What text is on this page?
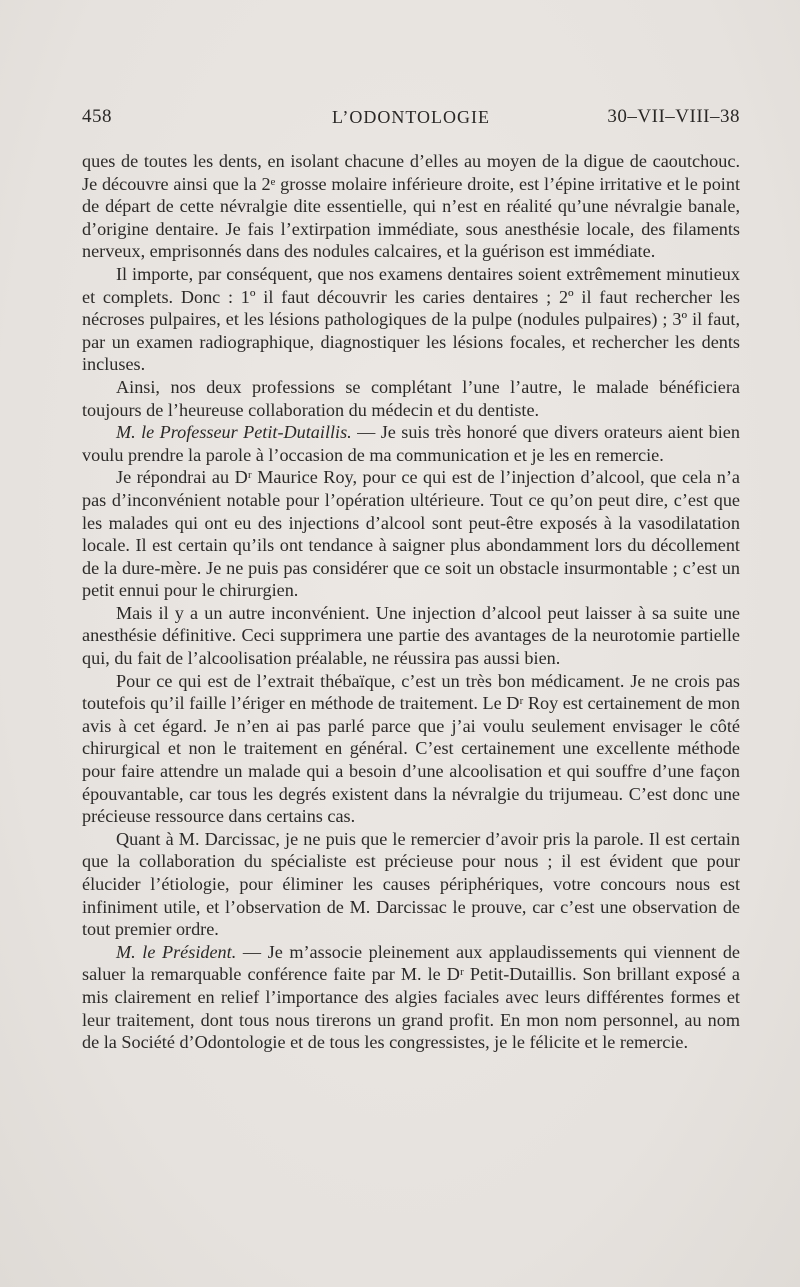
458	L’ODONTOLOGIE	30–VII–VIII–38

ques de toutes les dents, en isolant chacune d’elles au moyen de la digue de caoutchouc. Je découvre ainsi que la 2ᵉ grosse molaire inférieure droite, est l’épine irritative et le point de départ de cette névralgie dite essentielle, qui n’est en réalité qu’une névralgie banale, d’origine dentaire. Je fais l’extirpation immédiate, sous anesthésie locale, des filaments nerveux, emprisonnés dans des nodules calcaires, et la guérison est immédiate.

Il importe, par conséquent, que nos examens dentaires soient extrêmement minutieux et complets. Donc : 1º il faut découvrir les caries dentaires ; 2º il faut rechercher les nécroses pulpaires, et les lésions pathologiques de la pulpe (nodules pulpaires) ; 3º il faut, par un examen radiographique, diagnostiquer les lésions focales, et rechercher les dents incluses.

Ainsi, nos deux professions se complétant l’une l’autre, le malade bénéficiera toujours de l’heureuse collaboration du médecin et du dentiste.

M. le Professeur Petit-Dutaillis. — Je suis très honoré que divers orateurs aient bien voulu prendre la parole à l’occasion de ma communication et je les en remercie.

Je répondrai au Dʳ Maurice Roy, pour ce qui est de l’injection d’alcool, que cela n’a pas d’inconvénient notable pour l’opération ultérieure. Tout ce qu’on peut dire, c’est que les malades qui ont eu des injections d’alcool sont peut-être exposés à la vasodilatation locale. Il est certain qu’ils ont tendance à saigner plus abondamment lors du décollement de la dure-mère. Je ne puis pas considérer que ce soit un obstacle insurmontable ; c’est un petit ennui pour le chirurgien.

Mais il y a un autre inconvénient. Une injection d’alcool peut laisser à sa suite une anesthésie définitive. Ceci supprimera une partie des avantages de la neurotomie partielle qui, du fait de l’alcoolisation préalable, ne réussira pas aussi bien.

Pour ce qui est de l’extrait thébaïque, c’est un très bon médicament. Je ne crois pas toutefois qu’il faille l’ériger en méthode de traitement. Le Dʳ Roy est certainement de mon avis à cet égard. Je n’en ai pas parlé parce que j’ai voulu seulement envisager le côté chirurgical et non le traitement en général. C’est certainement une excellente méthode pour faire attendre un malade qui a besoin d’une alcoolisation et qui souffre d’une façon épouvantable, car tous les degrés existent dans la névralgie du trijumeau. C’est donc une précieuse ressource dans certains cas.

Quant à M. Darcissac, je ne puis que le remercier d’avoir pris la parole. Il est certain que la collaboration du spécialiste est précieuse pour nous ; il est évident que pour élucider l’étiologie, pour éliminer les causes périphériques, votre concours nous est infiniment utile, et l’observation de M. Darcissac le prouve, car c’est une observation de tout premier ordre.

M. le Président. — Je m’associe pleinement aux applaudissements qui viennent de saluer la remarquable conférence faite par M. le Dʳ Petit-Dutaillis. Son brillant exposé a mis clairement en relief l’importance des algies faciales avec leurs différentes formes et leur traitement, dont tous nous tirerons un grand profit. En mon nom personnel, au nom de la Société d’Odontologie et de tous les congressistes, je le félicite et le remercie.
